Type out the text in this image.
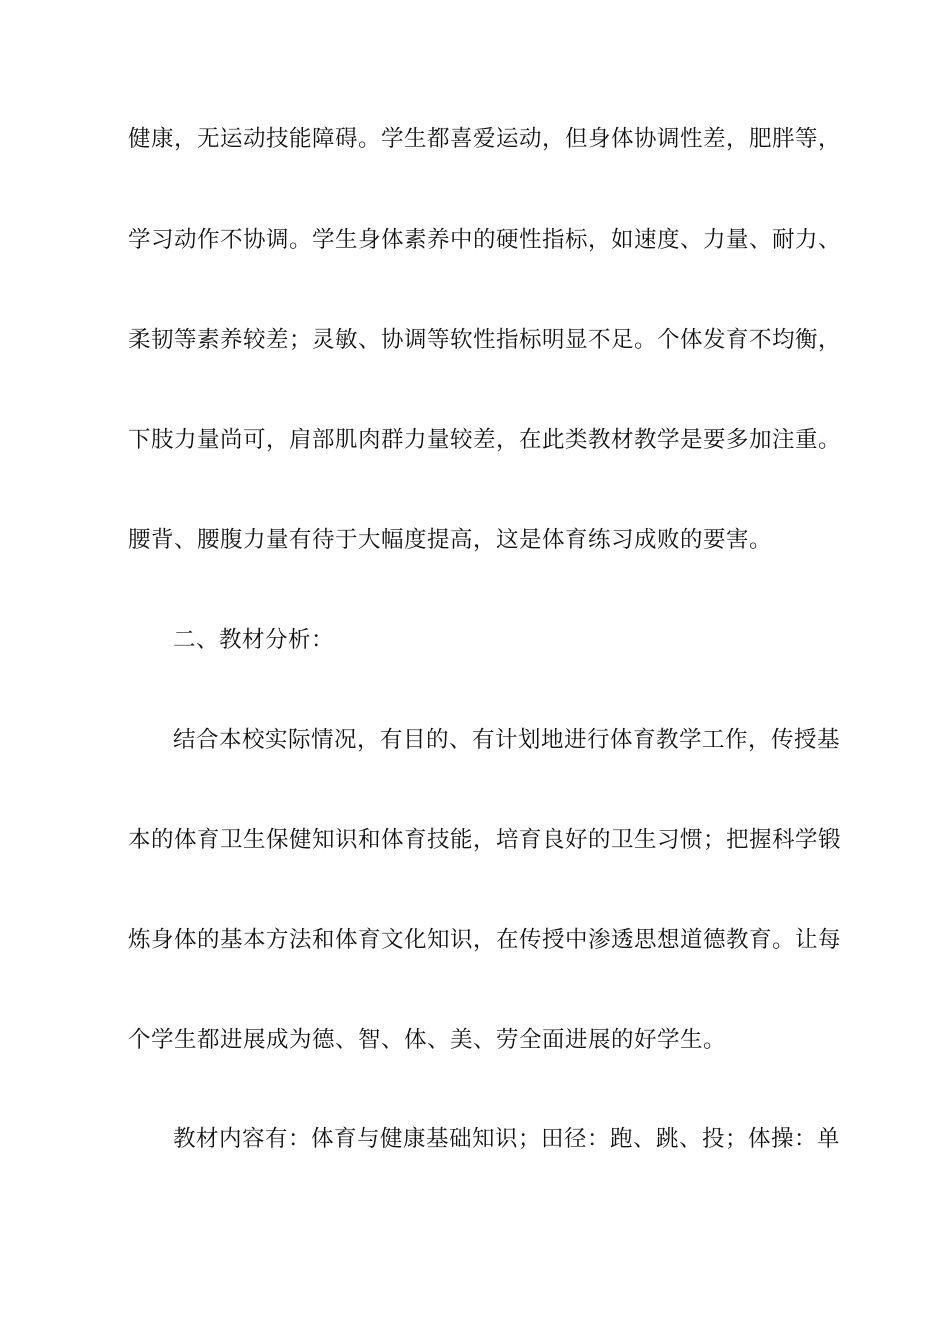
健康，无运动技能障碍。学生都喜爱运动，但身体协调性差，肥胖等，
学习动作不协调。学生身体素养中的硬性指标，如速度、力量、耐力、
柔韧等素养较差；灵敏、协调等软性指标明显不足。个体发育不均衡，
下肢力量尚可，肩部肌肉群力量较差，在此类教材教学是要多加注重。
腰背、腰腹力量有待于大幅度提高，这是体育练习成败的要害。
二、教材分析：
结合本校实际情况，有目的、有计划地进行体育教学工作，传授基
本的体育卫生保健知识和体育技能，培育良好的卫生习惯；把握科学锻
炼身体的基本方法和体育文化知识，在传授中渗透思想道德教育。让每
个学生都进展成为德、智、体、美、劳全面进展的好学生。
教材内容有：体育与健康基础知识；田径：跑、跳、投；体操：单
